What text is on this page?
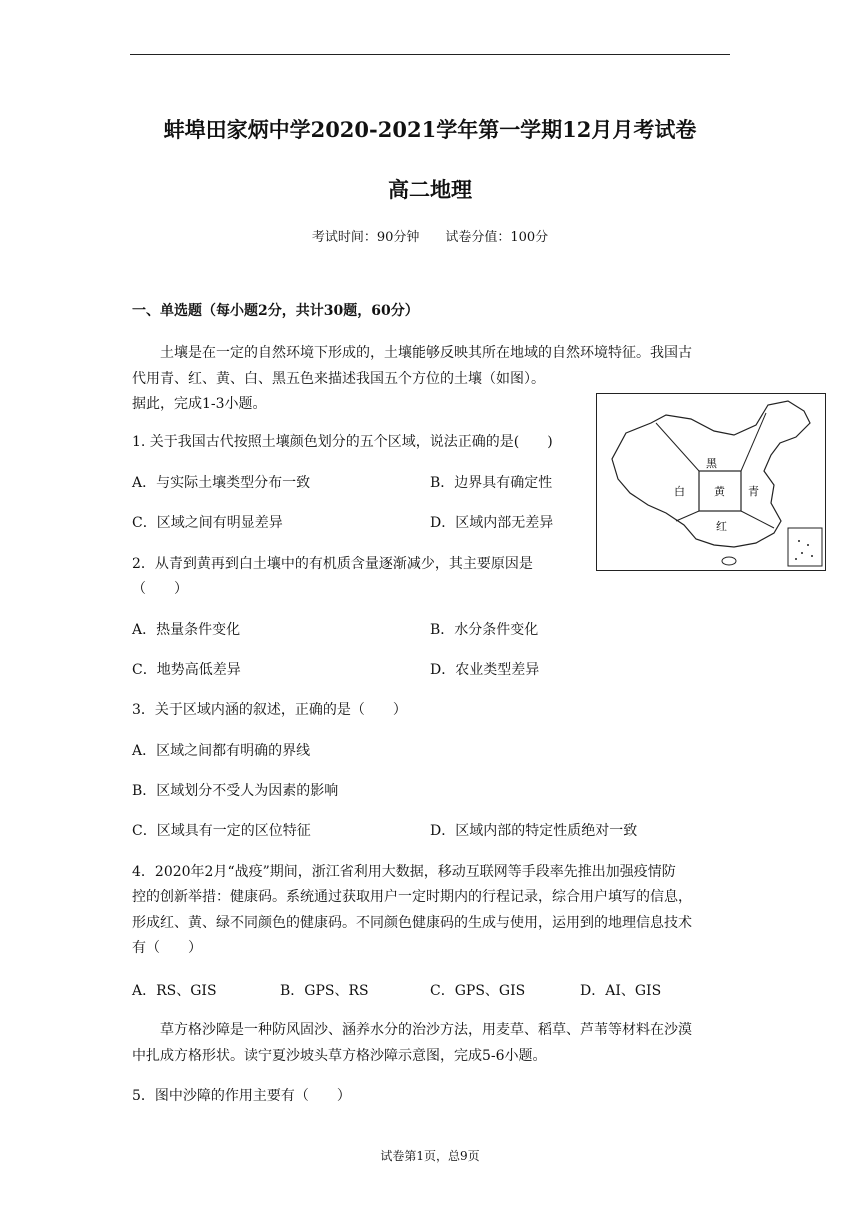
蚌埠田家炳中学2020-2021学年第一学期12月月考试卷
高二地理
考试时间：90分钟　　试卷分值：100分
一、单选题（每小题2分，共计30题，60分）
土壤是在一定的自然环境下形成的，土壤能够反映其所在地域的自然环境特征。我国古
代用青、红、黄、白、黑五色来描述我国五个方位的土壤（如图）。
据此，完成1-3小题。
黑
黄
白	青
红
1. 关于我国古代按照土壤颜色划分的五个区域，说法正确的是(　　)
A．与实际土壤类型分布一致	B．边界具有确定性
C．区域之间有明显差异	D．区域内部无差异
2．从青到黄再到白土壤中的有机质含量逐渐减少，其主要原因是
（　　）
A．热量条件变化	B．水分条件变化
C．地势高低差异	D．农业类型差异
3．关于区域内涵的叙述，正确的是（　　）
A．区域之间都有明确的界线
B．区域划分不受人为因素的影响
C．区域具有一定的区位特征	D．区域内部的特定性质绝对一致
4．2020年2月“战疫”期间，浙江省利用大数据，移动互联网等手段率先推出加强疫情防
控的创新举措：健康码。系统通过获取用户一定时期内的行程记录，综合用户填写的信息，
形成红、黄、绿不同颜色的健康码。不同颜色健康码的生成与使用，运用到的地理信息技术
有（　　）
A．RS、GIS	B．GPS、RS	C．GPS、GIS	D．AI、GIS
草方格沙障是一种防风固沙、涵养水分的治沙方法，用麦草、稻草、芦苇等材料在沙漠
中扎成方格形状。读宁夏沙坡头草方格沙障示意图，完成5-6小题。
5．图中沙障的作用主要有（　　）
试卷第1页，总9页
